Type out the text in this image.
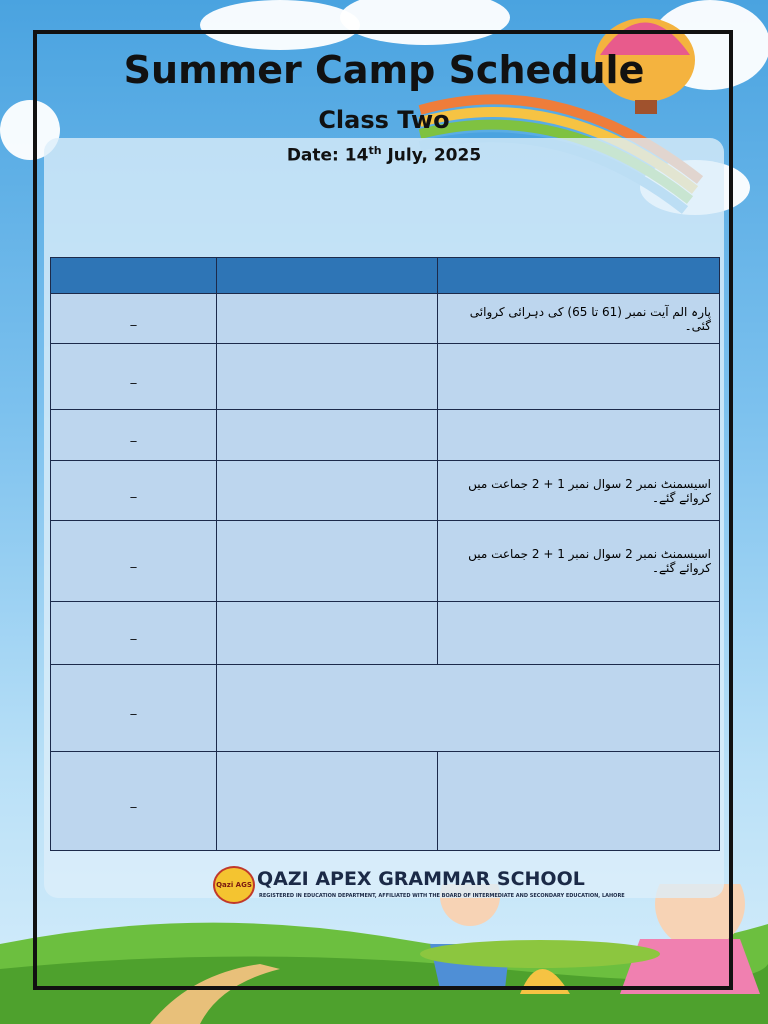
Summer Camp Schedule
Class Two
Date: 14th July, 2025

_		پارہ الم آیت نمبر (61 تا 65) کی دہرائی کروائی گئی۔
_		
_		
_		اسیسمنٹ نمبر 2 سوال نمبر 1 + 2 جماعت میں کروائے گئے۔
_		اسیسمنٹ نمبر 2 سوال نمبر 1 + 2 جماعت میں کروائے گئے۔
_		
_		
_		
Qazi AGS QAZI APEX GRAMMAR SCHOOL
REGISTERED IN EDUCATION DEPARTMENT, AFFILIATED WITH THE BOARD OF INTERMEDIATE AND SECONDARY EDUCATION, LAHORE
